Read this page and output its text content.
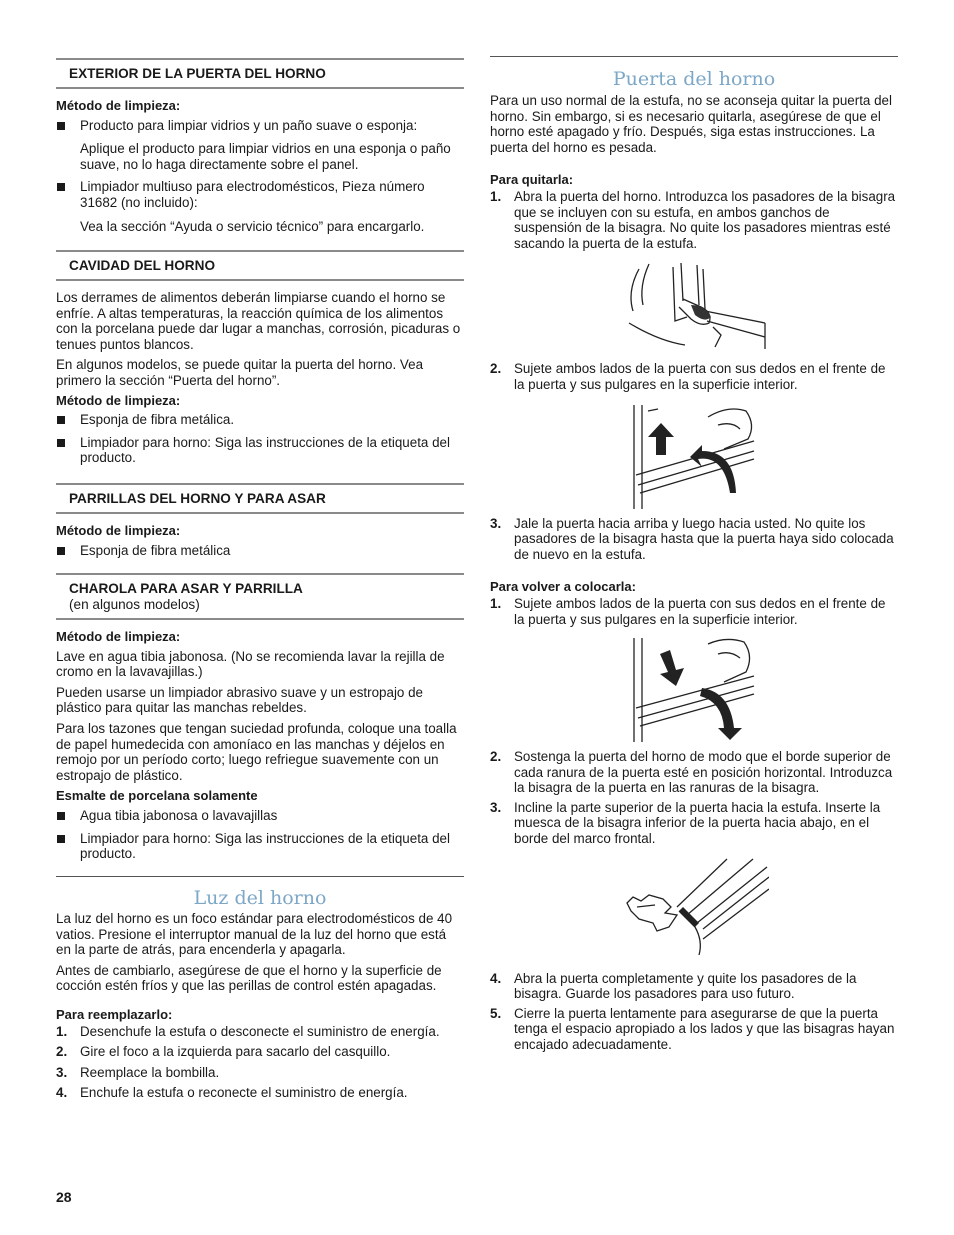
EXTERIOR DE LA PUERTA DEL HORNO

Método de limpieza:

Producto para limpiar vidrios y un paño suave o esponja:

Aplique el producto para limpiar vidrios en una esponja o paño suave, no lo haga directamente sobre el panel.

Limpiador multiuso para electrodomésticos, Pieza número 31682 (no incluido):

Vea la sección “Ayuda o servicio técnico” para encargarlo.

CAVIDAD DEL HORNO

Los derrames de alimentos deberán limpiarse cuando el horno se enfríe. A altas temperaturas, la reacción química de los alimentos con la porcelana puede dar lugar a manchas, corrosión, picaduras o tenues puntos blancos.

En algunos modelos, se puede quitar la puerta del horno. Vea primero la sección “Puerta del horno”.

Método de limpieza:

Esponja de fibra metálica.
Limpiador para horno: Siga las instrucciones de la etiqueta del producto.
PARRILLAS DEL HORNO Y PARA ASAR

Método de limpieza:

Esponja de fibra metálica
CHAROLA PARA ASAR Y PARRILLA
(en algunos modelos)

Método de limpieza:

Lave en agua tibia jabonosa. (No se recomienda lavar la rejilla de cromo en la lavavajillas.)

Pueden usarse un limpiador abrasivo suave y un estropajo de plástico para quitar las manchas rebeldes.

Para los tazones que tengan suciedad profunda, coloque una toalla de papel humedecida con amoníaco en las manchas y déjelos en remojo por un período corto; luego refriegue suavemente con un estropajo de plástico.

Esmalte de porcelana solamente

Agua tibia jabonosa o lavavajillas
Limpiador para horno: Siga las instrucciones de la etiqueta del producto.
Luz del horno

La luz del horno es un foco estándar para electrodomésticos de 40 vatios. Presione el interruptor manual de la luz del horno que está en la parte de atrás, para encenderla y apagarla.

Antes de cambiarlo, asegúrese de que el horno y la superficie de cocción estén fríos y que las perillas de control estén apagadas.

Para reemplazarlo:

1. Desenchufe la estufa o desconecte el suministro de energía.
2. Gire el foco a la izquierda para sacarlo del casquillo.
3. Reemplace la bombilla.
4. Enchufe la estufa o reconecte el suministro de energía.
Puerta del horno

Para un uso normal de la estufa, no se aconseja quitar la puerta del horno. Sin embargo, si es necesario quitarla, asegúrese de que el horno esté apagado y frío. Después, siga estas instrucciones. La puerta del horno es pesada.

Para quitarla:

1. Abra la puerta del horno. Introduzca los pasadores de la bisagra que se incluyen con su estufa, en ambos ganchos de suspensión de la bisagra. No quite los pasadores mientras esté sacando la puerta de la estufa.
2. Sujete ambos lados de la puerta con sus dedos en el frente de la puerta y sus pulgares en la superficie interior.
3. Jale la puerta hacia arriba y luego hacia usted. No quite los pasadores de la bisagra hasta que la puerta haya sido colocada de nuevo en la estufa.

Para volver a colocarla:

1. Sujete ambos lados de la puerta con sus dedos en el frente de la puerta y sus pulgares en la superficie interior.
2. Sostenga la puerta del horno de modo que el borde superior de cada ranura de la puerta esté en posición horizontal. Introduzca la bisagra de la puerta en las ranuras de la bisagra.
3. Incline la parte superior de la puerta hacia la estufa. Inserte la muesca de la bisagra inferior de la puerta hacia abajo, en el borde del marco frontal.
4. Abra la puerta completamente y quite los pasadores de la bisagra. Guarde los pasadores para uso futuro.
5. Cierre la puerta lentamente para asegurarse de que la puerta tenga el espacio apropiado a los lados y que las bisagras hayan encajado adecuadamente.
28
